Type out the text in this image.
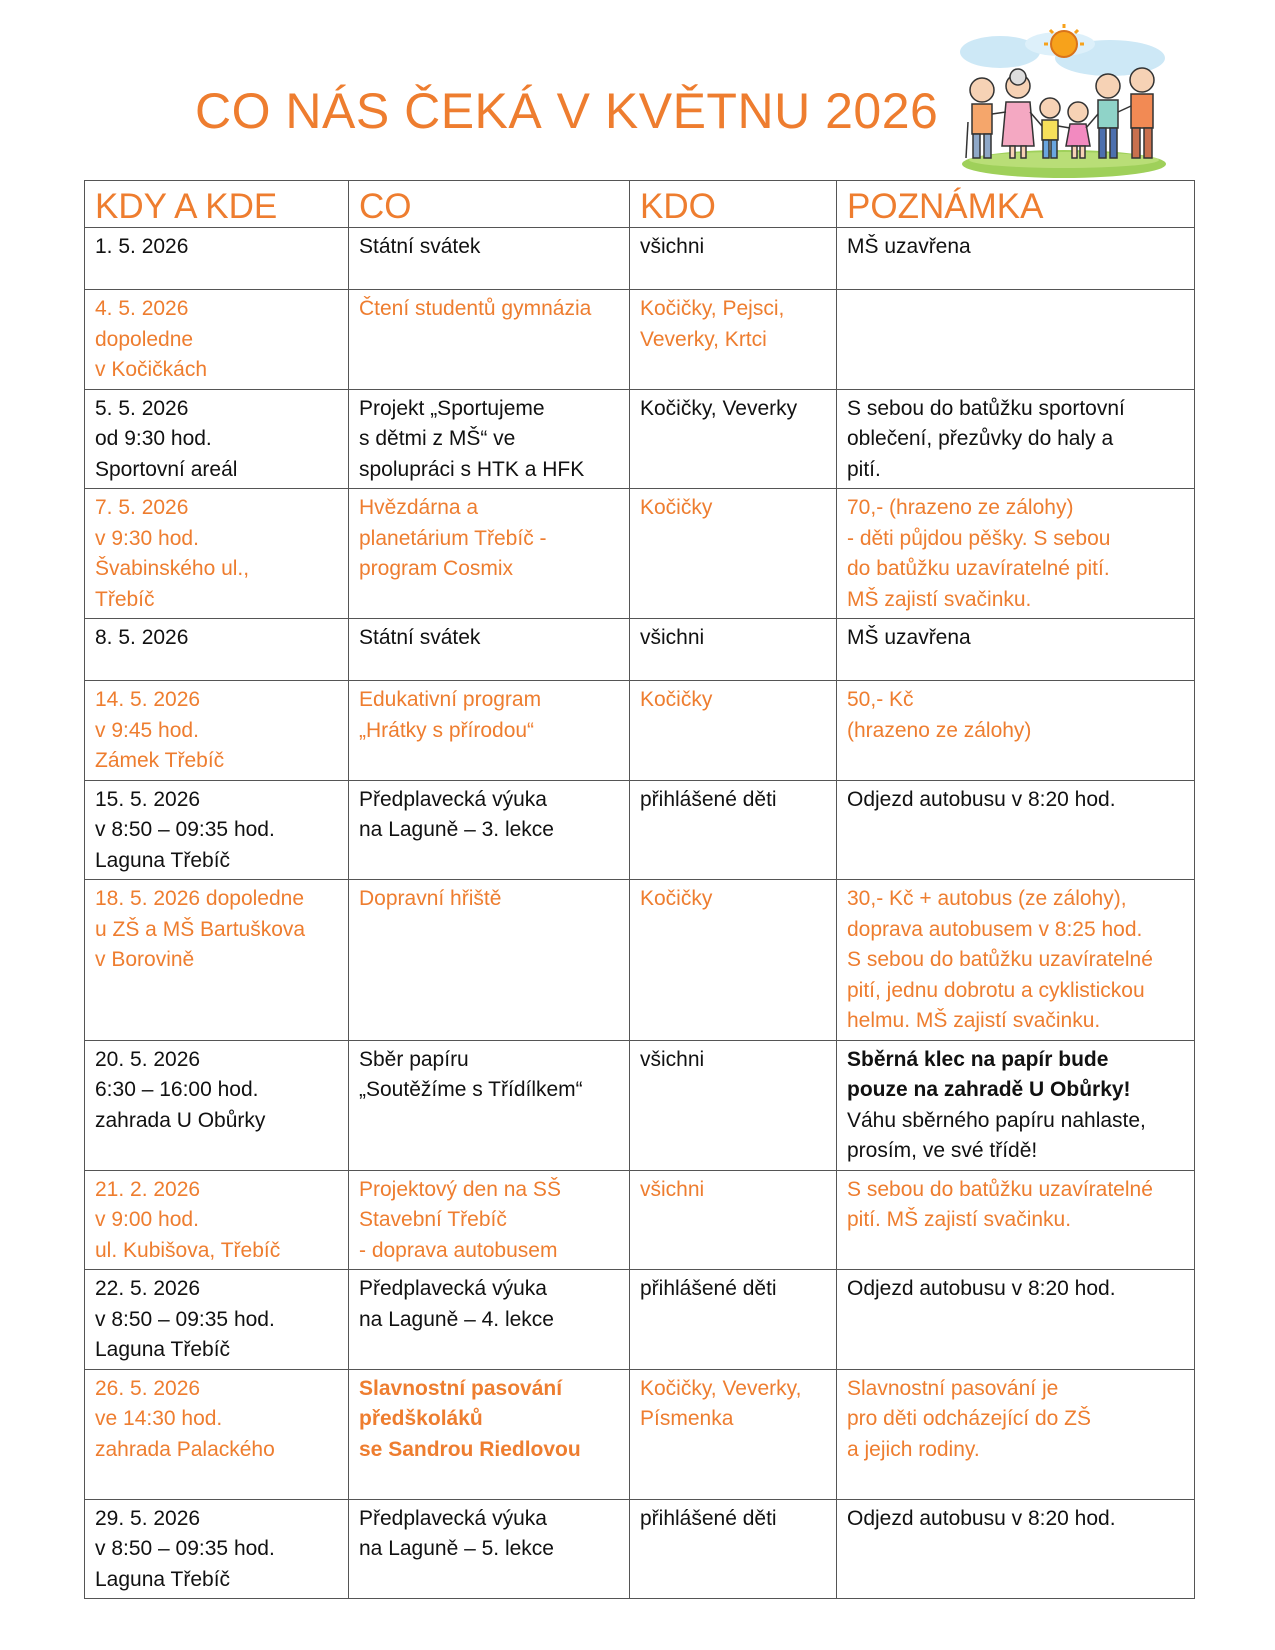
CO NÁS ČEKÁ V KVĚTNU 2026
KDY A KDE	CO	KDO	POZNÁMKA

1. 5. 2026	Státní svátek	všichni	MŠ uzavřena

4. 5. 2026
dopoledne
v Kočičkách	Čtení studentů gymnázia	Kočičky, Pejsci,
Veverky, Krtci	

5. 5. 2026
od 9:30 hod.
Sportovní areál	Projekt „Sportujeme
s dětmi z MŠ“ ve
spolupráci s HTK a HFK	Kočičky, Veverky	S sebou do batůžku sportovní
oblečení, přezůvky do haly a
pití.

7. 5. 2026
v 9:30 hod.
Švabinského ul.,
Třebíč	Hvězdárna a
planetárium Třebíč -
program Cosmix	Kočičky	70,- (hrazeno ze zálohy)
- děti půjdou pěšky. S sebou
do batůžku uzavíratelné pití.
MŠ zajistí svačinku.

8. 5. 2026	Státní svátek	všichni	MŠ uzavřena

14. 5. 2026
v 9:45 hod.
Zámek Třebíč	Edukativní program
„Hrátky s přírodou“	Kočičky	50,- Kč
(hrazeno ze zálohy)

15. 5. 2026
v 8:50 – 09:35 hod.
Laguna Třebíč	Předplavecká výuka
na Laguně – 3. lekce	přihlášené děti	Odjezd autobusu v 8:20 hod.

18. 5. 2026 dopoledne
u ZŠ a MŠ Bartuškova
v Borovině	Dopravní hřiště	Kočičky	30,- Kč + autobus (ze zálohy),
doprava autobusem v 8:25 hod.
S sebou do batůžku uzavíratelné
pití, jednu dobrotu a cyklistickou
helmu. MŠ zajistí svačinku.

20. 5. 2026
6:30 – 16:00 hod.
zahrada U Obůrky	Sběr papíru
„Soutěžíme s Třídílkem“	všichni	Sběrná klec na papír bude
pouze na zahradě U Obůrky!
Váhu sběrného papíru nahlaste,
prosím, ve své třídě!

21. 2. 2026
v 9:00 hod.
ul. Kubišova, Třebíč	Projektový den na SŠ
Stavební Třebíč
- doprava autobusem	všichni	S sebou do batůžku uzavíratelné
pití. MŠ zajistí svačinku.

22. 5. 2026
v 8:50 – 09:35 hod.
Laguna Třebíč	Předplavecká výuka
na Laguně – 4. lekce	přihlášené děti	Odjezd autobusu v 8:20 hod.

26. 5. 2026
ve 14:30 hod.
zahrada Palackého	Slavnostní pasování
předškoláků
se Sandrou Riedlovou	Kočičky, Veverky,
Písmenka	Slavnostní pasování je
pro děti odcházející do ZŠ
a jejich rodiny.

29. 5. 2026
v 8:50 – 09:35 hod.
Laguna Třebíč	Předplavecká výuka
na Laguně – 5. lekce	přihlášené děti	Odjezd autobusu v 8:20 hod.
